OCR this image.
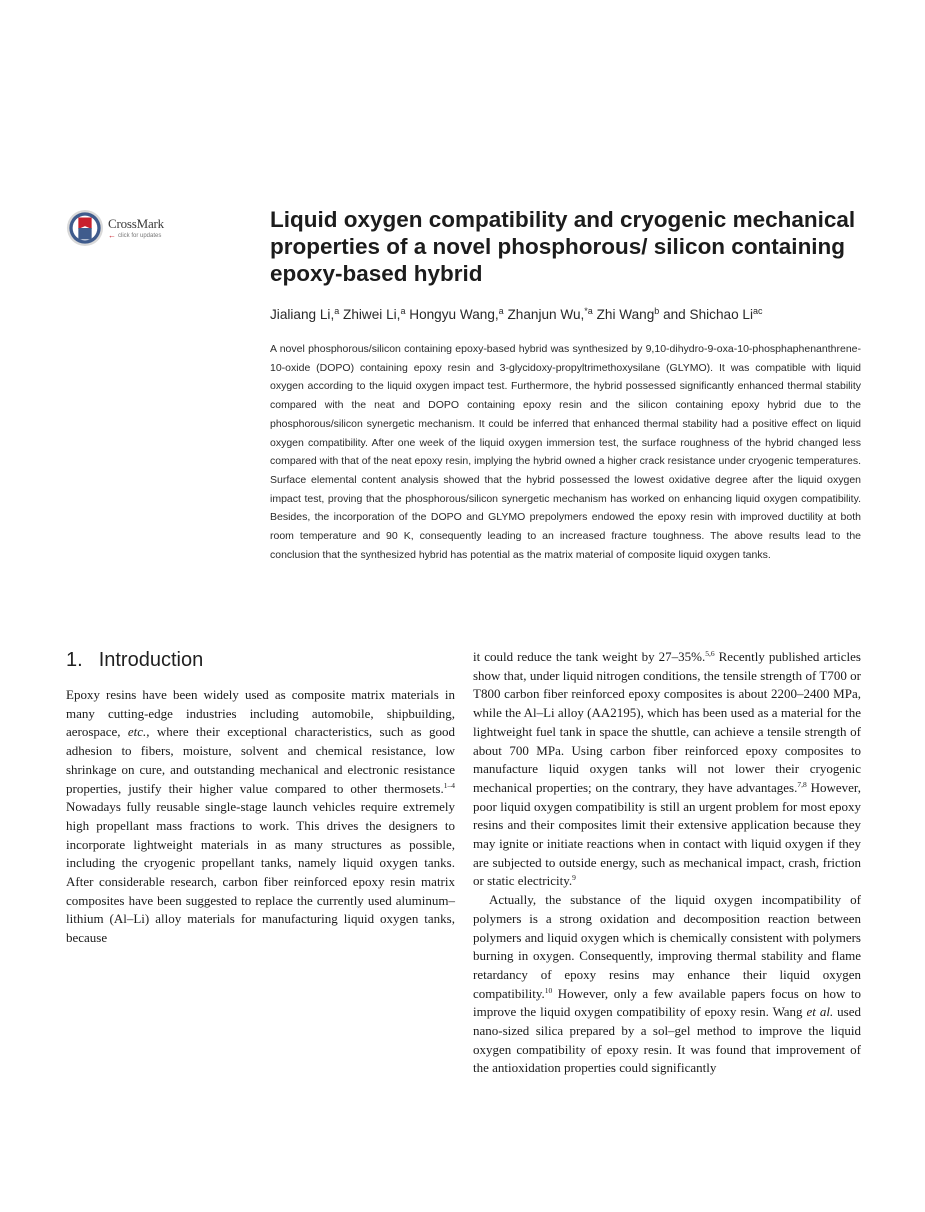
CrossMark
← click for updates
Liquid oxygen compatibility and cryogenic mechanical properties of a novel phosphorous/ silicon containing epoxy-based hybrid
Jialiang Li,$^a$ Zhiwei Li,$^a$ Hongyu Wang,$^a$ Zhanjun Wu,$^{*a}$ Zhi Wang$^b$ and Shichao $Li^{ac}$

A novel phosphorous/silicon containing epoxy-based hybrid was synthesized by 9,10-dihydro-9-oxa-10-phosphaphenanthrene-10-oxide (DOPO) containing epoxy resin and 3-glycidoxy-propyltrimethoxysilane (GLYMO). It was compatible with liquid oxygen according to the liquid oxygen impact test. Furthermore, the hybrid possessed significantly enhanced thermal stability compared with the neat and DOPO containing epoxy resin and the silicon containing epoxy hybrid due to the phosphorous/silicon synergetic mechanism. It could be inferred that enhanced thermal stability had a positive effect on liquid oxygen compatibility. After one week of the liquid oxygen immersion test, the surface roughness of the hybrid changed less compared with that of the neat epoxy resin, implying the hybrid owned a higher crack resistance under cryogenic temperatures. Surface elemental content analysis showed that the hybrid possessed the lowest oxidative degree after the liquid oxygen impact test, proving that the phosphorous/silicon synergetic mechanism has worked on enhancing liquid oxygen compatibility. Besides, the incorporation of the DOPO and GLYMO prepolymers endowed the epoxy resin with improved ductility at both room temperature and 90 K, consequently leading to an increased fracture toughness. The above results lead to the conclusion that the synthesized hybrid has potential as the matrix material of composite liquid oxygen tanks.

1. Introduction

Epoxy resins have been widely used as composite matrix materials in many cutting-edge industries including automobile, shipbuilding, aerospace, etc., where their exceptional characteristics, such as good adhesion to fibers, moisture, solvent and chemical resistance, low shrinkage on cure, and outstanding mechanical and electronic resistance properties, justify their higher value compared to other thermosets.$^{1-4}$ Nowadays fully reusable single-stage launch vehicles require extremely high propellant mass fractions to work. This drives the designers to incorporate lightweight materials in as many structures as possible, including the cryogenic propellant tanks, namely liquid oxygen tanks. After considerable research, carbon fiber reinforced epoxy resin matrix composites have been suggested to replace the currently used aluminum–lithium (Al–Li) alloy materials for manufacturing liquid oxygen tanks, because

it could reduce the tank weight by 27–35%.$^{5,6}$ Recently published articles show that, under liquid nitrogen conditions, the tensile strength of T700 or T800 carbon fiber reinforced epoxy composites is about 2200–2400 MPa, while the Al–Li alloy (AA2195), which has been used as a material for the lightweight fuel tank in space the shuttle, can achieve a tensile strength of about 700 MPa. Using carbon fiber reinforced epoxy composites to manufacture liquid oxygen tanks will not lower their cryogenic mechanical properties; on the contrary, they have advantages.$^{7,8}$ However, poor liquid oxygen compatibility is still an urgent problem for most epoxy resins and their composites limit their extensive application because they may ignite or initiate reactions when in contact with liquid oxygen if they are subjected to outside energy, such as mechanical impact, crash, friction or static electricity.$^9$

Actually, the substance of the liquid oxygen incompatibility of polymers is a strong oxidation and decomposition reaction between polymers and liquid oxygen which is chemically consistent with polymers burning in oxygen. Consequently, improving thermal stability and flame retardancy of epoxy resins may enhance their liquid oxygen compatibility.$^{10}$ However, only a few available papers focus on how to improve the liquid oxygen compatibility of epoxy resin. Wang et al. used nano-sized silica prepared by a sol–gel method to improve the liquid oxygen compatibility of epoxy resin. It was found that improvement of the antioxidation properties could significantly
